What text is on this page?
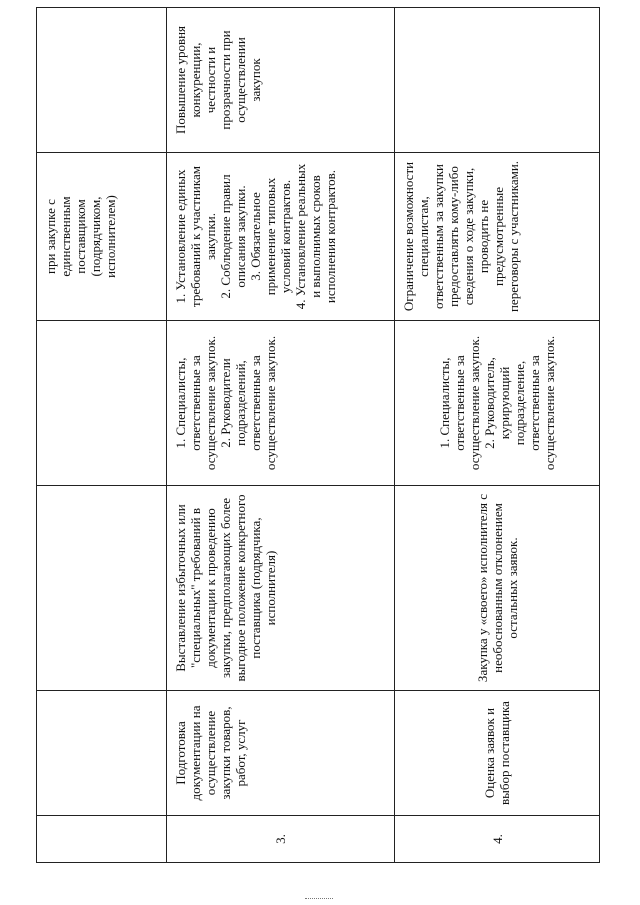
				при закупке с единственным поставщиком (подрядчиком, исполнителем)	

3.	Подготовка документации на осуществление закупки товаров, работ, услуг	Выставление избыточных или "специальных" требований в документации к проведению закупки, предполагающих более выгодное положение конкретного поставщика (подрядчика, исполнителя)	1. Специалисты, ответственные за осуществление закупок. 2. Руководители подразделений, ответственные за осуществление закупок.	1. Установление единых требований к участникам закупки. 2. Соблюдение правил описания закупки. 3. Обязательное применение типовых условий контрактов. 4. Установление реальных и выполнимых сроков исполнения контрактов.	Повышение уровня конкуренции, честности и прозрачности при осуществлении закупок
4.	Оценка заявок и выбор поставщика	Закупка у «своего» исполнителя с необоснованным отклонением остальных заявок.	1. Специалисты, ответственные за осуществление закупок. 2. Руководитель, курирующий подразделение, ответственные за осуществление закупок.	Ограничение возможности специалистам, ответственным за закупки предоставлять кому-либо сведения о ходе закупки, проводить не предусмотренные переговоры с участниками.	
